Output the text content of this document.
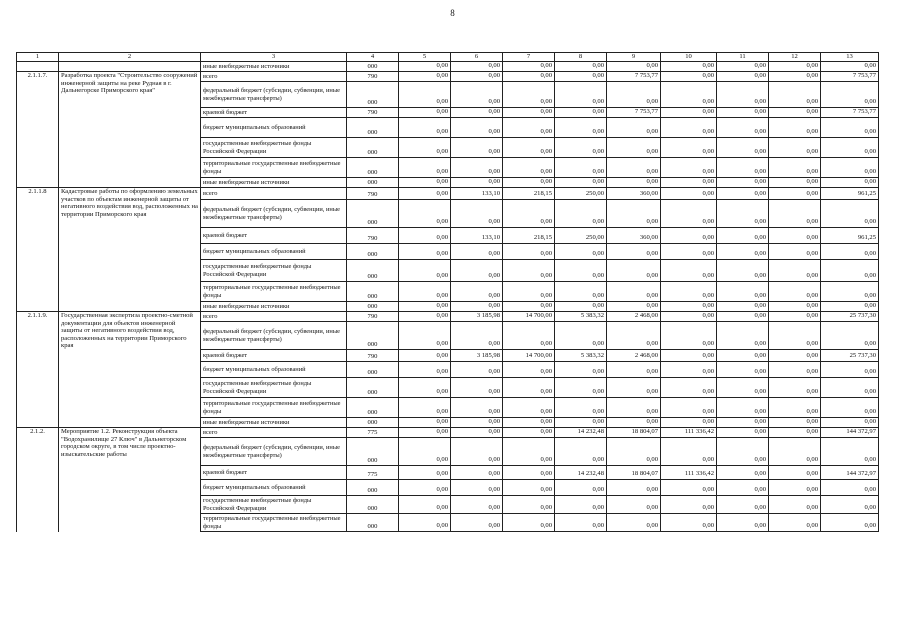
8
1	2	3	4	5	6	7	8	9	10	11	12	13
		иные внебюджетные источники	000	0,00	0,00	0,00	0,00	0,00	0,00	0,00	0,00	0,00
2.1.1.7.	Разработка проекта "Строительство сооружений инженерной защиты на реке Рудная в г. Дальнегорске Приморского края"	всего	790	0,00	0,00	0,00	0,00	7 753,77	0,00	0,00	0,00	7 753,77
		федеральный бюджет (субсидии, субвенции, иные межбюджетные трансферты)	000	0,00	0,00	0,00	0,00	0,00	0,00	0,00	0,00	0,00
		краевой бюджет	790	0,00	0,00	0,00	0,00	7 753,77	0,00	0,00	0,00	7 753,77
		бюджет муниципальных образований	000	0,00	0,00	0,00	0,00	0,00	0,00	0,00	0,00	0,00
		государственные внебюджетные фонды Российской Федерации	000	0,00	0,00	0,00	0,00	0,00	0,00	0,00	0,00	0,00
		территориальные государственные внебюджетные фонды	000	0,00	0,00	0,00	0,00	0,00	0,00	0,00	0,00	0,00
		иные внебюджетные источники	000	0,00	0,00	0,00	0,00	0,00	0,00	0,00	0,00	0,00
2.1.1.8	Кадастровые работы по оформлению земельных участков по объектам инженерной защиты от негативного воздействия вод, расположенных на территории Приморского края	всего	790	0,00	133,10	218,15	250,00	360,00	0,00	0,00	0,00	961,25
		федеральный бюджет (субсидии, субвенции, иные межбюджетные трансферты)	000	0,00	0,00	0,00	0,00	0,00	0,00	0,00	0,00	0,00
		краевой бюджет	790	0,00	133,10	218,15	250,00	360,00	0,00	0,00	0,00	961,25
		бюджет муниципальных образований	000	0,00	0,00	0,00	0,00	0,00	0,00	0,00	0,00	0,00
		государственные внебюджетные фонды Российской Федерации	000	0,00	0,00	0,00	0,00	0,00	0,00	0,00	0,00	0,00
		территориальные государственные внебюджетные фонды	000	0,00	0,00	0,00	0,00	0,00	0,00	0,00	0,00	0,00
		иные внебюджетные источники	000	0,00	0,00	0,00	0,00	0,00	0,00	0,00	0,00	0,00
2.1.1.9.	Государственная экспертиза проектно-сметной документации для объектов инженерной защиты от негативного воздействия вод, расположенных на территории Приморского края	всего	790	0,00	3 185,98	14 700,00	5 383,32	2 468,00	0,00	0,00	0,00	25 737,30
		федеральный бюджет (субсидии, субвенции, иные межбюджетные трансферты)	000	0,00	0,00	0,00	0,00	0,00	0,00	0,00	0,00	0,00
		краевой бюджет	790	0,00	3 185,98	14 700,00	5 383,32	2 468,00	0,00	0,00	0,00	25 737,30
		бюджет муниципальных образований	000	0,00	0,00	0,00	0,00	0,00	0,00	0,00	0,00	0,00
		государственные внебюджетные фонды Российской Федерации	000	0,00	0,00	0,00	0,00	0,00	0,00	0,00	0,00	0,00
		территориальные государственные внебюджетные фонды	000	0,00	0,00	0,00	0,00	0,00	0,00	0,00	0,00	0,00
		иные внебюджетные источники	000	0,00	0,00	0,00	0,00	0,00	0,00	0,00	0,00	0,00
2.1.2.	Мероприятие 1.2. Реконструкция объекта "Водохранилище 27 Ключ" в Дальнегорском городском округе, в том числе проектно-изыскательские работы	всего	775	0,00	0,00	0,00	14 232,48	18 804,07	111 336,42	0,00	0,00	144 372,97
		федеральный бюджет (субсидии, субвенции, иные межбюджетные трансферты)	000	0,00	0,00	0,00	0,00	0,00	0,00	0,00	0,00	0,00
		краевой бюджет	775	0,00	0,00	0,00	14 232,48	18 804,07	111 336,42	0,00	0,00	144 372,97
		бюджет муниципальных образований	000	0,00	0,00	0,00	0,00	0,00	0,00	0,00	0,00	0,00
		государственные внебюджетные фонды Российской Федерации	000	0,00	0,00	0,00	0,00	0,00	0,00	0,00	0,00	0,00
		территориальные государственные внебюджетные фонды	000	0,00	0,00	0,00	0,00	0,00	0,00	0,00	0,00	0,00
